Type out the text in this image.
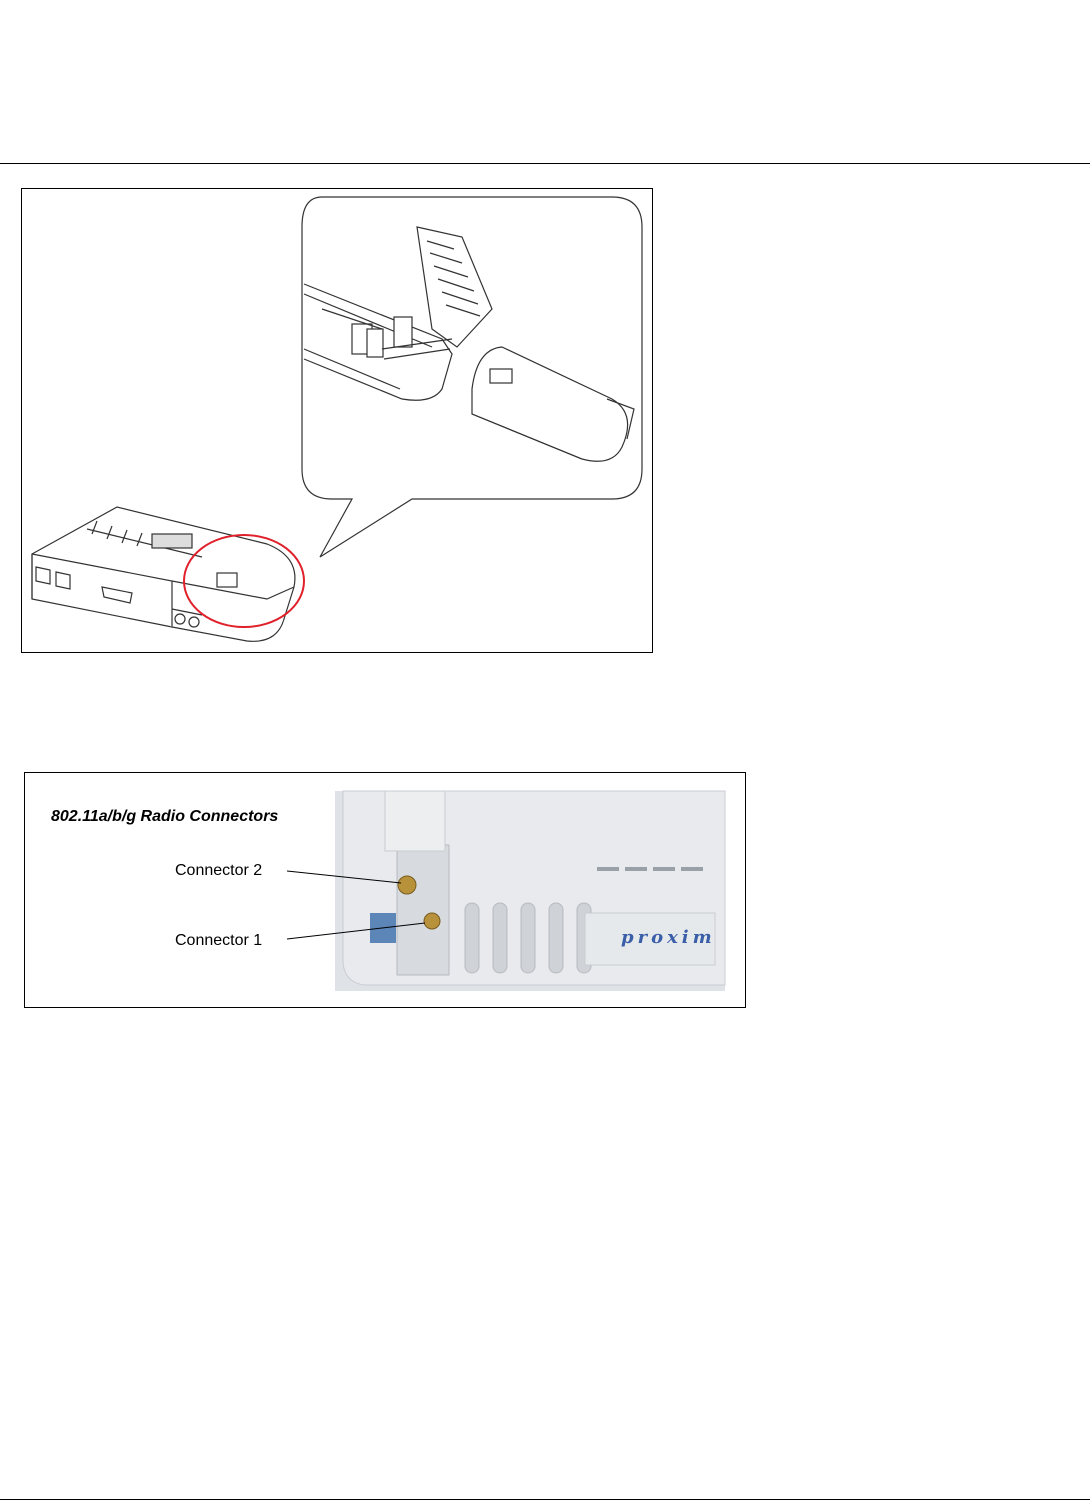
802.11a/b/g Radio Connectors
Connector 2
Connector 1	proxim
